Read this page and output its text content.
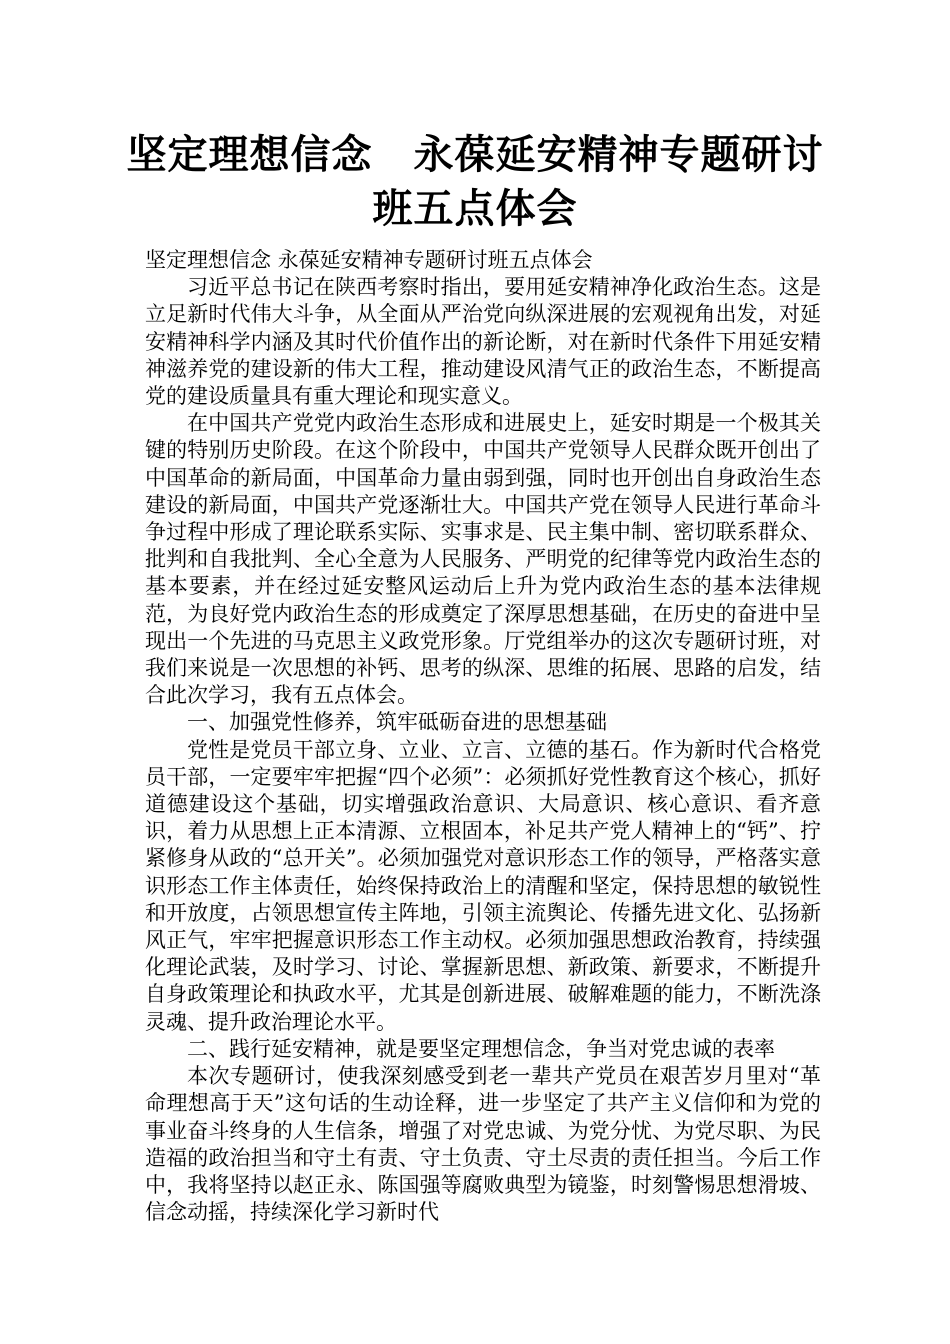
坚定理想信念　永葆延安精神专题研讨
班五点体会

坚定理想信念 永葆延安精神专题研讨班五点体会

习近平总书记在陕西考察时指出，要用延安精神净化政治生态。这是立足新时代伟大斗争，从全面从严治党向纵深进展的宏观视角出发，对延安精神科学内涵及其时代价值作出的新论断，对在新时代条件下用延安精神滋养党的建设新的伟大工程，推动建设风清气正的政治生态，不断提高党的建设质量具有重大理论和现实意义。

在中国共产党党内政治生态形成和进展史上，延安时期是一个极其关键的特别历史阶段。在这个阶段中，中国共产党领导人民群众既开创出了中国革命的新局面，中国革命力量由弱到强，同时也开创出自身政治生态建设的新局面，中国共产党逐渐壮大。中国共产党在领导人民进行革命斗争过程中形成了理论联系实际、实事求是、民主集中制、密切联系群众、批判和自我批判、全心全意为人民服务、严明党的纪律等党内政治生态的基本要素，并在经过延安整风运动后上升为党内政治生态的基本法律规范，为良好党内政治生态的形成奠定了深厚思想基础，在历史的奋进中呈现出一个先进的马克思主义政党形象。厅党组举办的这次专题研讨班，对我们来说是一次思想的补钙、思考的纵深、思维的拓展、思路的启发，结合此次学习，我有五点体会。

一、加强党性修养，筑牢砥砺奋进的思想基础

党性是党员干部立身、立业、立言、立德的基石。作为新时代合格党员干部，一定要牢牢把握“四个必须”：必须抓好党性教育这个核心，抓好道德建设这个基础，切实增强政治意识、大局意识、核心意识、看齐意识，着力从思想上正本清源、立根固本，补足共产党人精神上的“钙”、拧紧修身从政的“总开关”。必须加强党对意识形态工作的领导，严格落实意识形态工作主体责任，始终保持政治上的清醒和坚定，保持思想的敏锐性和开放度，占领思想宣传主阵地，引领主流舆论、传播先进文化、弘扬新风正气，牢牢把握意识形态工作主动权。必须加强思想政治教育，持续强化理论武装，及时学习、讨论、掌握新思想、新政策、新要求，不断提升自身政策理论和执政水平，尤其是创新进展、破解难题的能力，不断洗涤灵魂、提升政治理论水平。

二、践行延安精神，就是要坚定理想信念，争当对党忠诚的表率

本次专题研讨，使我深刻感受到老一辈共产党员在艰苦岁月里对“革命理想高于天”这句话的生动诠释，进一步坚定了共产主义信仰和为党的事业奋斗终身的人生信条，增强了对党忠诚、为党分忧、为党尽职、为民造福的政治担当和守土有责、守土负责、守土尽责的责任担当。今后工作中，我将坚持以赵正永、陈国强等腐败典型为镜鉴，时刻警惕思想滑坡、信念动摇，持续深化学习新时代
